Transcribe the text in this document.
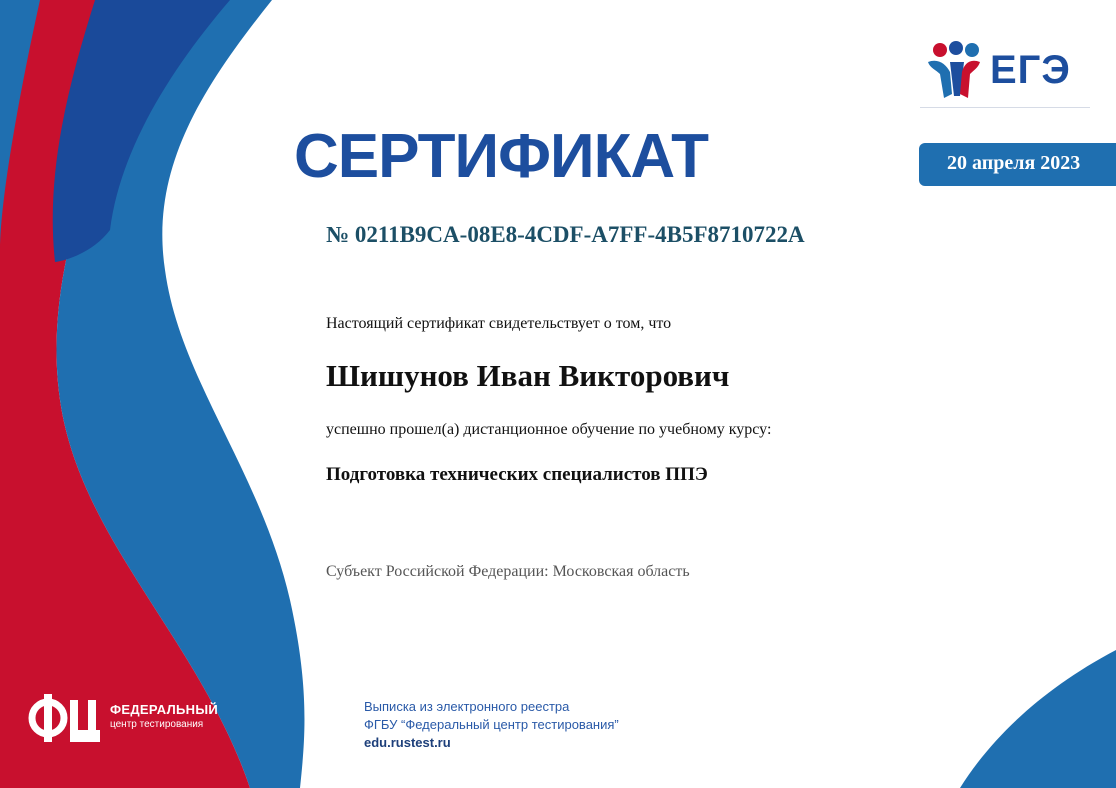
ЕГЭ
20 апреля 2023
СЕРТИФИКАТ

№ 0211B9CA-08E8-4CDF-A7FF-4B5F8710722A

Настоящий сертификат свидетельствует о том, что

Шишунов Иван Викторович

успешно прошел(а) дистанционное обучение по учебному курсу:

Подготовка технических специалистов ППЭ

Субъект Российской Федерации: Московская область

ФЕДЕРАЛЬНЫЙ
центр тестирования
Выписка из электронного реестра
ФГБУ “Федеральный центр тестирования”
edu.rustest.ru
